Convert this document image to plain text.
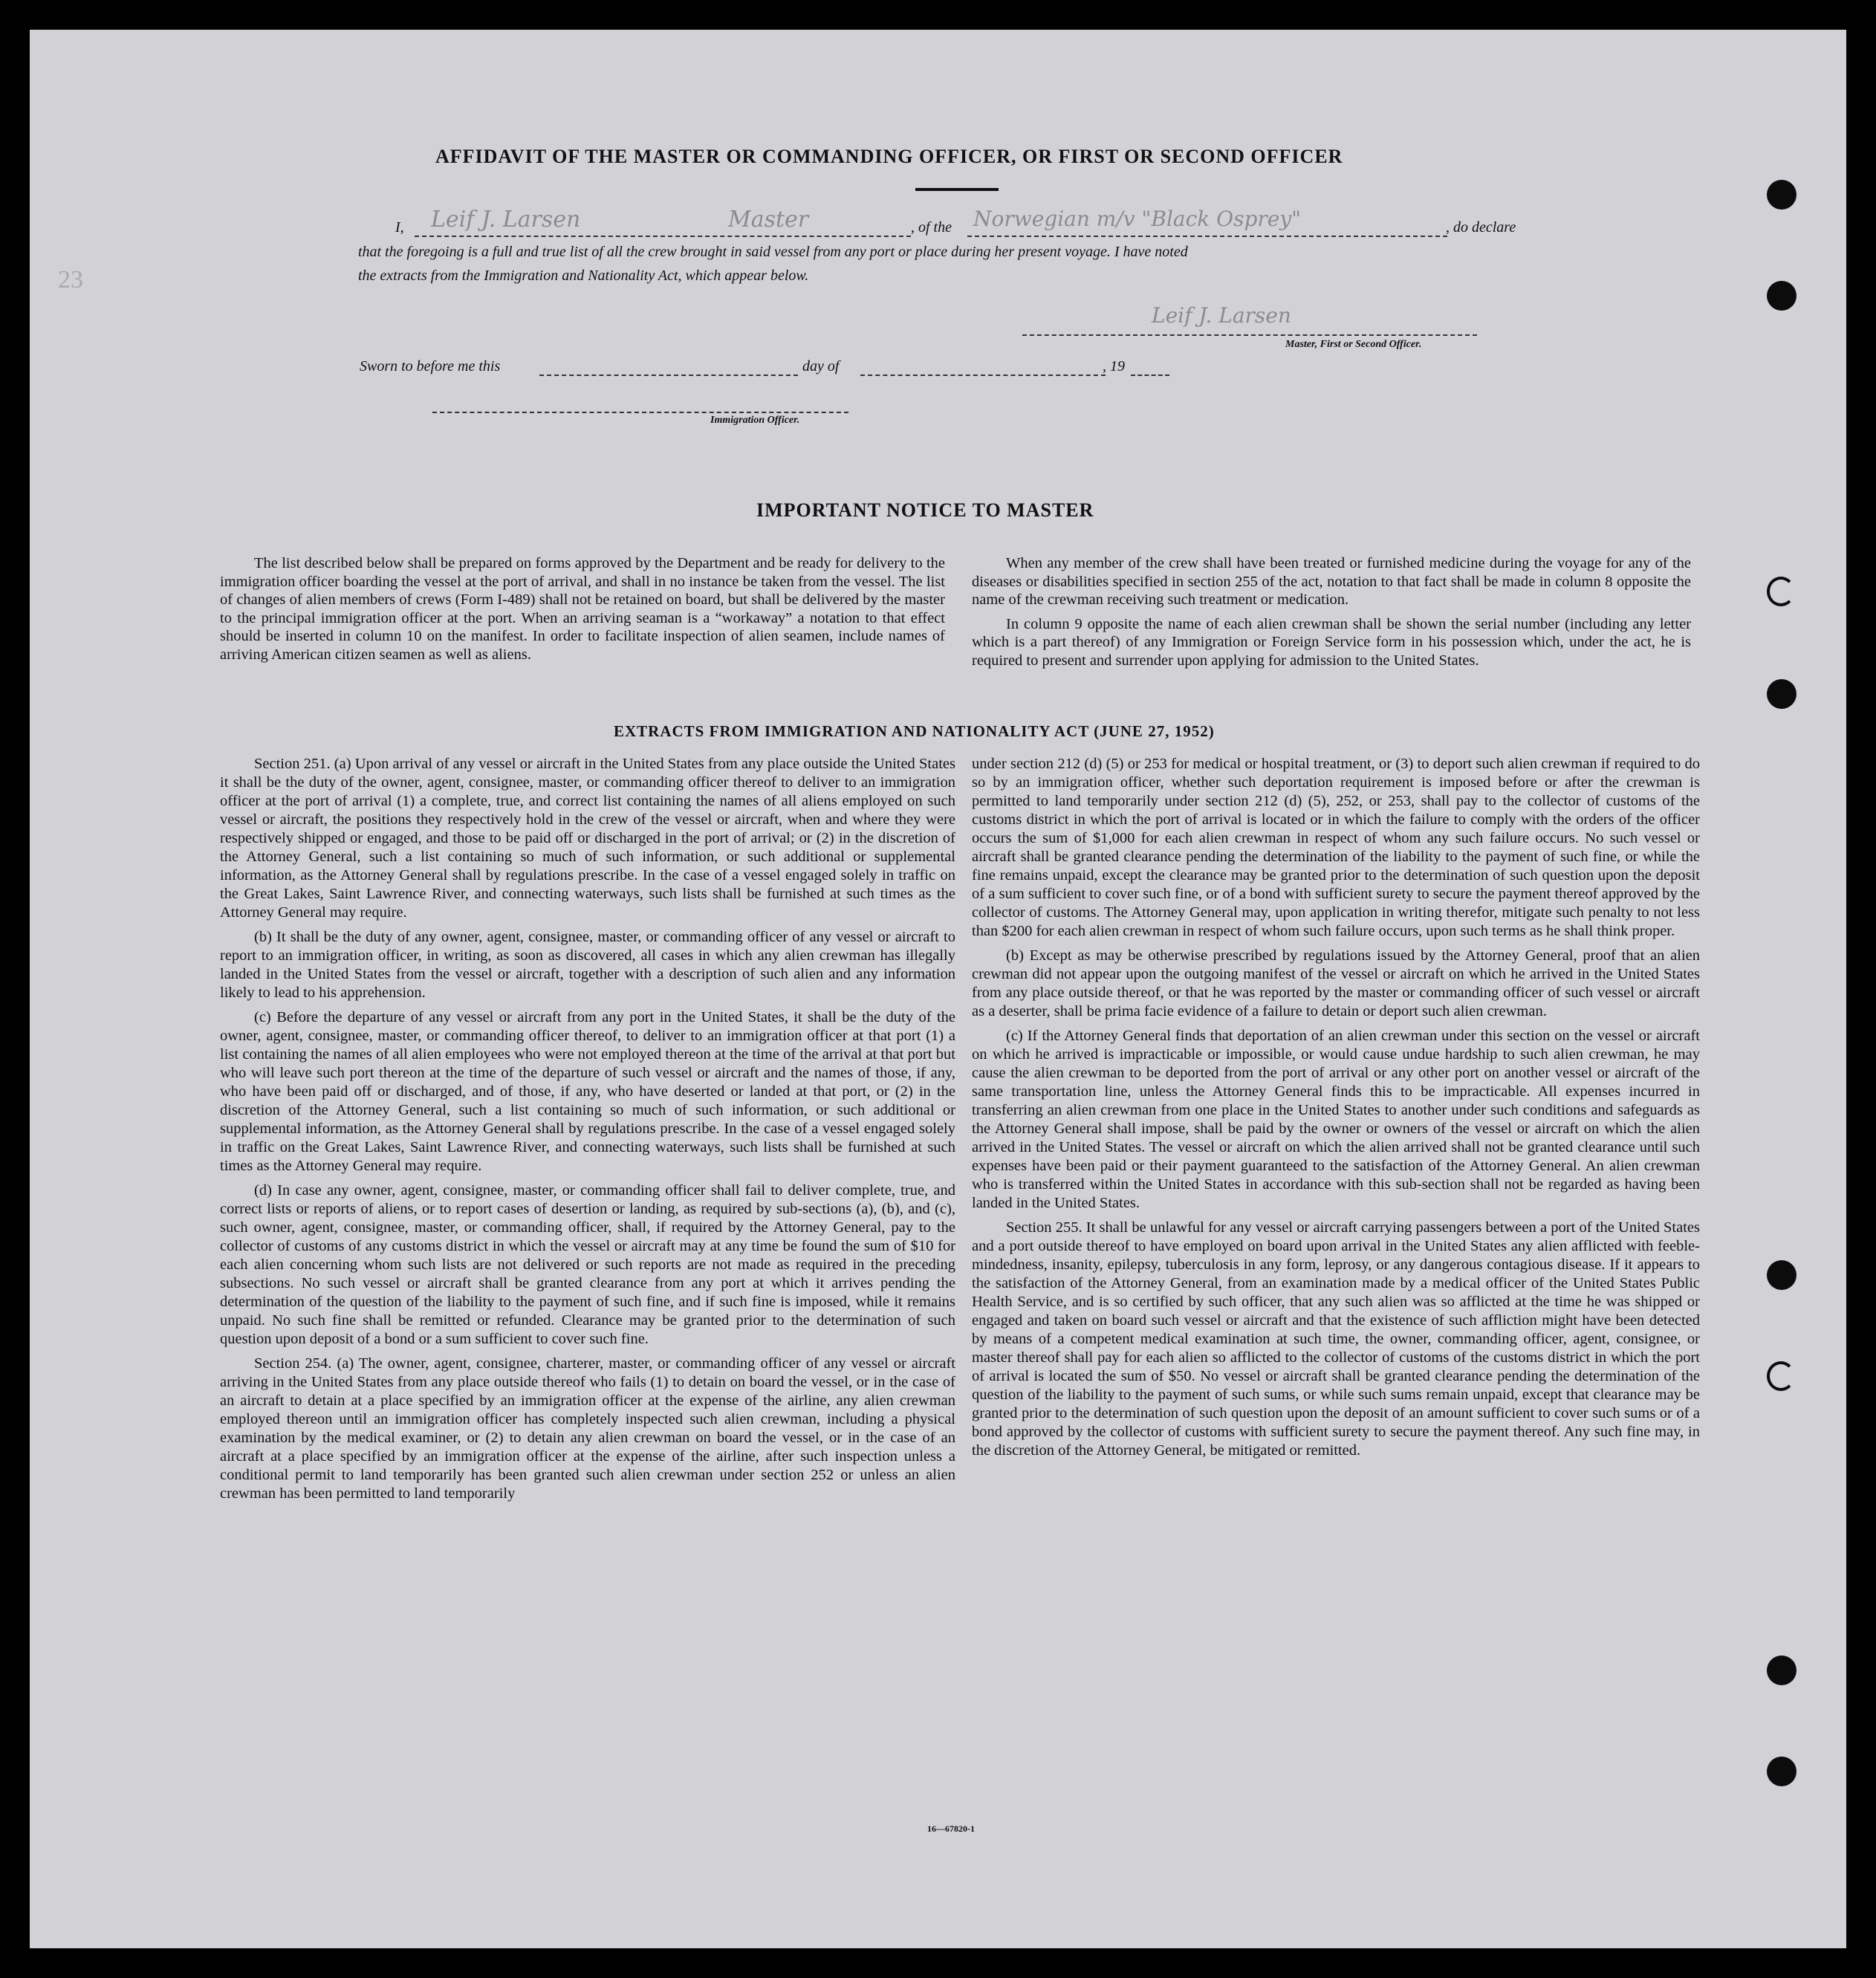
23
AFFIDAVIT OF THE MASTER OR COMMANDING OFFICER, OR FIRST OR SECOND OFFICER
I, Leif J. Larsen	Master	, of the Norwegian m/v "Black Osprey"	, do declare
that the foregoing is a full and true list of all the crew brought in said vessel from any port or place during her present voyage. I have noted
the extracts from the Immigration and Nationality Act, which appear below.
Leif J. Larsen
Master, First or Second Officer.
Sworn to before me this	day of	, 19
Immigration Officer.
IMPORTANT NOTICE TO MASTER

The list described below shall be prepared on forms approved by the Department and be ready for delivery to the immigration officer boarding the vessel at the port of arrival, and shall in no instance be taken from the vessel. The list of changes of alien members of crews (Form I-489) shall not be retained on board, but shall be delivered by the master to the principal immigration officer at the port. When an arriving seaman is a “workaway” a notation to that effect should be inserted in column 10 on the manifest. In order to facilitate inspection of alien seamen, include names of arriving American citizen seamen as well as aliens.

When any member of the crew shall have been treated or furnished medicine during the voyage for any of the diseases or disabilities specified in section 255 of the act, notation to that fact shall be made in column 8 opposite the name of the crewman receiving such treatment or medication.

In column 9 opposite the name of each alien crewman shall be shown the serial number (including any letter which is a part thereof) of any Immigration or Foreign Service form in his possession which, under the act, he is required to present and surrender upon applying for admission to the United States.

EXTRACTS FROM IMMIGRATION AND NATIONALITY ACT (JUNE 27, 1952)

Section 251. (a) Upon arrival of any vessel or aircraft in the United States from any place outside the United States it shall be the duty of the owner, agent, consignee, master, or commanding officer thereof to deliver to an immigration officer at the port of arrival (1) a complete, true, and correct list containing the names of all aliens employed on such vessel or aircraft, the positions they respectively hold in the crew of the vessel or aircraft, when and where they were respectively shipped or engaged, and those to be paid off or discharged in the port of arrival; or (2) in the discretion of the Attorney General, such a list containing so much of such information, or such additional or supplemental information, as the Attorney General shall by regulations prescribe. In the case of a vessel engaged solely in traffic on the Great Lakes, Saint Lawrence River, and connecting waterways, such lists shall be furnished at such times as the Attorney General may require.

(b) It shall be the duty of any owner, agent, consignee, master, or commanding officer of any vessel or aircraft to report to an immigration officer, in writing, as soon as discovered, all cases in which any alien crewman has illegally landed in the United States from the vessel or aircraft, together with a description of such alien and any information likely to lead to his apprehension.

(c) Before the departure of any vessel or aircraft from any port in the United States, it shall be the duty of the owner, agent, consignee, master, or commanding officer thereof, to deliver to an immigration officer at that port (1) a list containing the names of all alien employees who were not employed thereon at the time of the arrival at that port but who will leave such port thereon at the time of the departure of such vessel or aircraft and the names of those, if any, who have been paid off or discharged, and of those, if any, who have deserted or landed at that port, or (2) in the discretion of the Attorney General, such a list containing so much of such information, or such additional or supplemental information, as the Attorney General shall by regulations prescribe. In the case of a vessel engaged solely in traffic on the Great Lakes, Saint Lawrence River, and connecting waterways, such lists shall be furnished at such times as the Attorney General may require.

(d) In case any owner, agent, consignee, master, or commanding officer shall fail to deliver complete, true, and correct lists or reports of aliens, or to report cases of desertion or landing, as required by sub-sections (a), (b), and (c), such owner, agent, consignee, master, or commanding officer, shall, if required by the Attorney General, pay to the collector of customs of any customs district in which the vessel or aircraft may at any time be found the sum of $10 for each alien concerning whom such lists are not delivered or such reports are not made as required in the preceding subsections. No such vessel or aircraft shall be granted clearance from any port at which it arrives pending the determination of the question of the liability to the payment of such fine, and if such fine is imposed, while it remains unpaid. No such fine shall be remitted or refunded. Clearance may be granted prior to the determination of such question upon deposit of a bond or a sum sufficient to cover such fine.

Section 254. (a) The owner, agent, consignee, charterer, master, or commanding officer of any vessel or aircraft arriving in the United States from any place outside thereof who fails (1) to detain on board the vessel, or in the case of an aircraft to detain at a place specified by an immigration officer at the expense of the airline, any alien crewman employed thereon until an immigration officer has completely inspected such alien crewman, including a physical examination by the medical examiner, or (2) to detain any alien crewman on board the vessel, or in the case of an aircraft at a place specified by an immigration officer at the expense of the airline, after such inspection unless a conditional permit to land temporarily has been granted such alien crewman under section 252 or unless an alien crewman has been permitted to land temporarily

under section 212 (d) (5) or 253 for medical or hospital treatment, or (3) to deport such alien crewman if required to do so by an immigration officer, whether such deportation requirement is imposed before or after the crewman is permitted to land temporarily under section 212 (d) (5), 252, or 253, shall pay to the collector of customs of the customs district in which the port of arrival is located or in which the failure to comply with the orders of the officer occurs the sum of $1,000 for each alien crewman in respect of whom any such failure occurs. No such vessel or aircraft shall be granted clearance pending the determination of the liability to the payment of such fine, or while the fine remains unpaid, except the clearance may be granted prior to the determination of such question upon the deposit of a sum sufficient to cover such fine, or of a bond with sufficient surety to secure the payment thereof approved by the collector of customs. The Attorney General may, upon application in writing therefor, mitigate such penalty to not less than $200 for each alien crewman in respect of whom such failure occurs, upon such terms as he shall think proper.

(b) Except as may be otherwise prescribed by regulations issued by the Attorney General, proof that an alien crewman did not appear upon the outgoing manifest of the vessel or aircraft on which he arrived in the United States from any place outside thereof, or that he was reported by the master or commanding officer of such vessel or aircraft as a deserter, shall be prima facie evidence of a failure to detain or deport such alien crewman.

(c) If the Attorney General finds that deportation of an alien crewman under this section on the vessel or aircraft on which he arrived is impracticable or impossible, or would cause undue hardship to such alien crewman, he may cause the alien crewman to be deported from the port of arrival or any other port on another vessel or aircraft of the same transportation line, unless the Attorney General finds this to be impracticable. All expenses incurred in transferring an alien crewman from one place in the United States to another under such conditions and safeguards as the Attorney General shall impose, shall be paid by the owner or owners of the vessel or aircraft on which the alien arrived in the United States. The vessel or aircraft on which the alien arrived shall not be granted clearance until such expenses have been paid or their payment guaranteed to the satisfaction of the Attorney General. An alien crewman who is transferred within the United States in accordance with this sub-section shall not be regarded as having been landed in the United States.

Section 255. It shall be unlawful for any vessel or aircraft carrying passengers between a port of the United States and a port outside thereof to have employed on board upon arrival in the United States any alien afflicted with feeble-mindedness, insanity, epilepsy, tuberculosis in any form, leprosy, or any dangerous contagious disease. If it appears to the satisfaction of the Attorney General, from an examination made by a medical officer of the United States Public Health Service, and is so certified by such officer, that any such alien was so afflicted at the time he was shipped or engaged and taken on board such vessel or aircraft and that the existence of such affliction might have been detected by means of a competent medical examination at such time, the owner, commanding officer, agent, consignee, or master thereof shall pay for each alien so afflicted to the collector of customs of the customs district in which the port of arrival is located the sum of $50. No vessel or aircraft shall be granted clearance pending the determination of the question of the liability to the payment of such sums, or while such sums remain unpaid, except that clearance may be granted prior to the determination of such question upon the deposit of an amount sufficient to cover such sums or of a bond approved by the collector of customs with sufficient surety to secure the payment thereof. Any such fine may, in the discretion of the Attorney General, be mitigated or remitted.

16—67820-1
